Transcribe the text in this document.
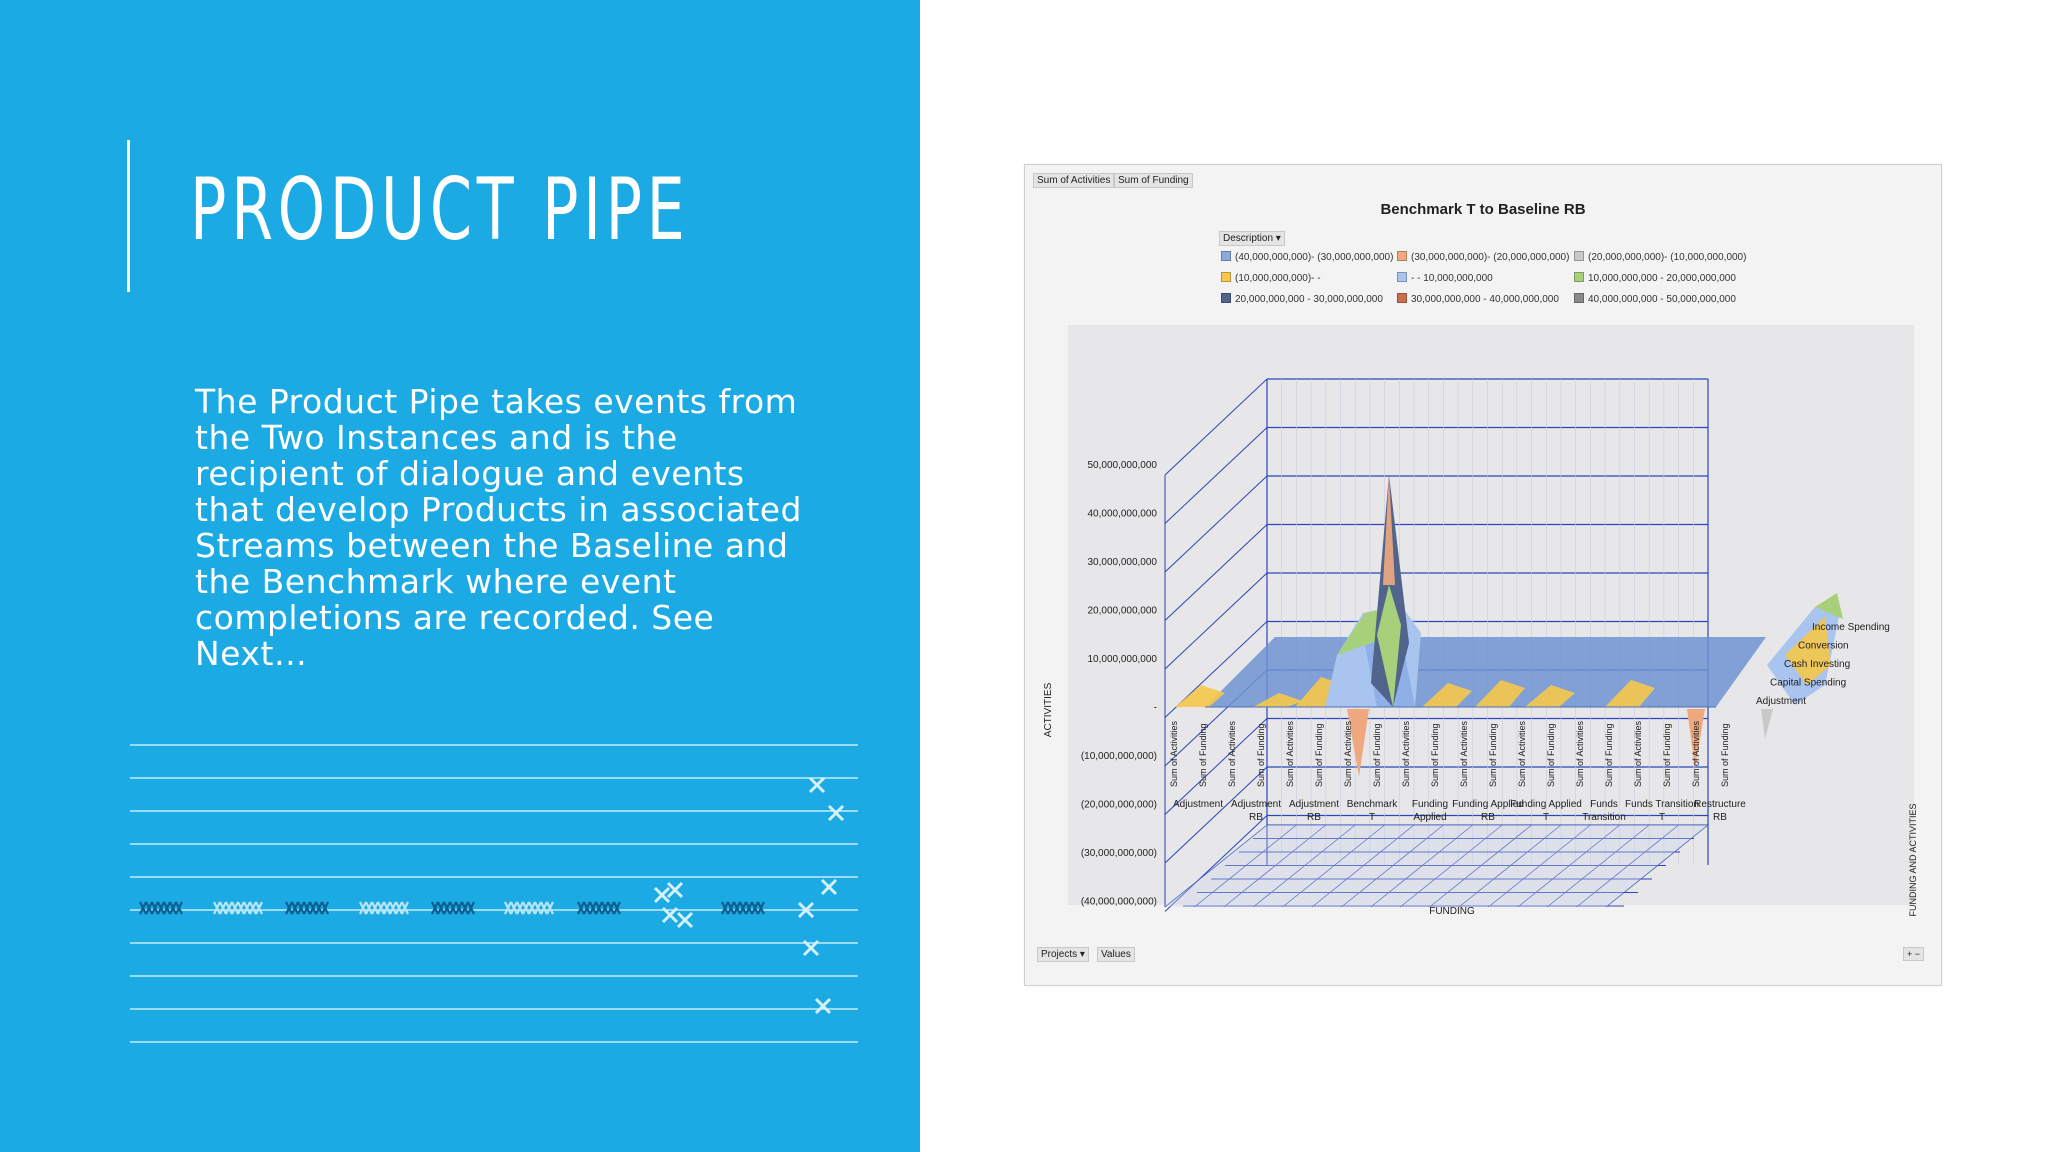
PRODUCT PIPE
The Product Pipe takes events from the Two Instances and is the recipient of dialogue and events that develop Products in associated Streams between the Baseline and the Benchmark where event completions are recorded. See Next…
Sum of Activities Sum of Funding
Benchmark T to Baseline RB
Description ▾
(40,000,000,000)- (30,000,000,000)	(30,000,000,000)- (20,000,000,000)	(20,000,000,000)- (10,000,000,000)
(10,000,000,000)- -	- - 10,000,000,000	10,000,000,000 - 20,000,000,000
20,000,000,000 - 30,000,000,000	30,000,000,000 - 40,000,000,000	40,000,000,000 - 50,000,000,000
50,000,000,000
40,000,000,000
30,000,000,000
20,000,000,000
10,000,000,000
-
(10,000,000,000)
(20,000,000,000)
(30,000,000,000)
(40,000,000,000)
ACTIVITIES
FUNDING	FUNDING AND ACTIVITIES
Sum of Activities Sum of Funding Sum of Activities Sum of Funding Sum of Activities Sum of Funding Sum of Activities Sum of Funding Sum of Activities Sum of Funding Sum of Activities Sum of Funding Sum of Activities Sum of Funding Sum of Activities Sum of Funding Sum of Activities Sum of Funding Sum of Activities Sum of Funding
Adjustment Adjustment
RB
Adjustment
RB
Benchmark
T
Funding
Applied
Funding Applied
RB
Funding Applied
T
Funds
Transition
Funds Transition
T
Restructure
RB
Income Spending
Conversion
Cash Investing
Capital Spending
Adjustment
Projects ▾	Values	+ −
